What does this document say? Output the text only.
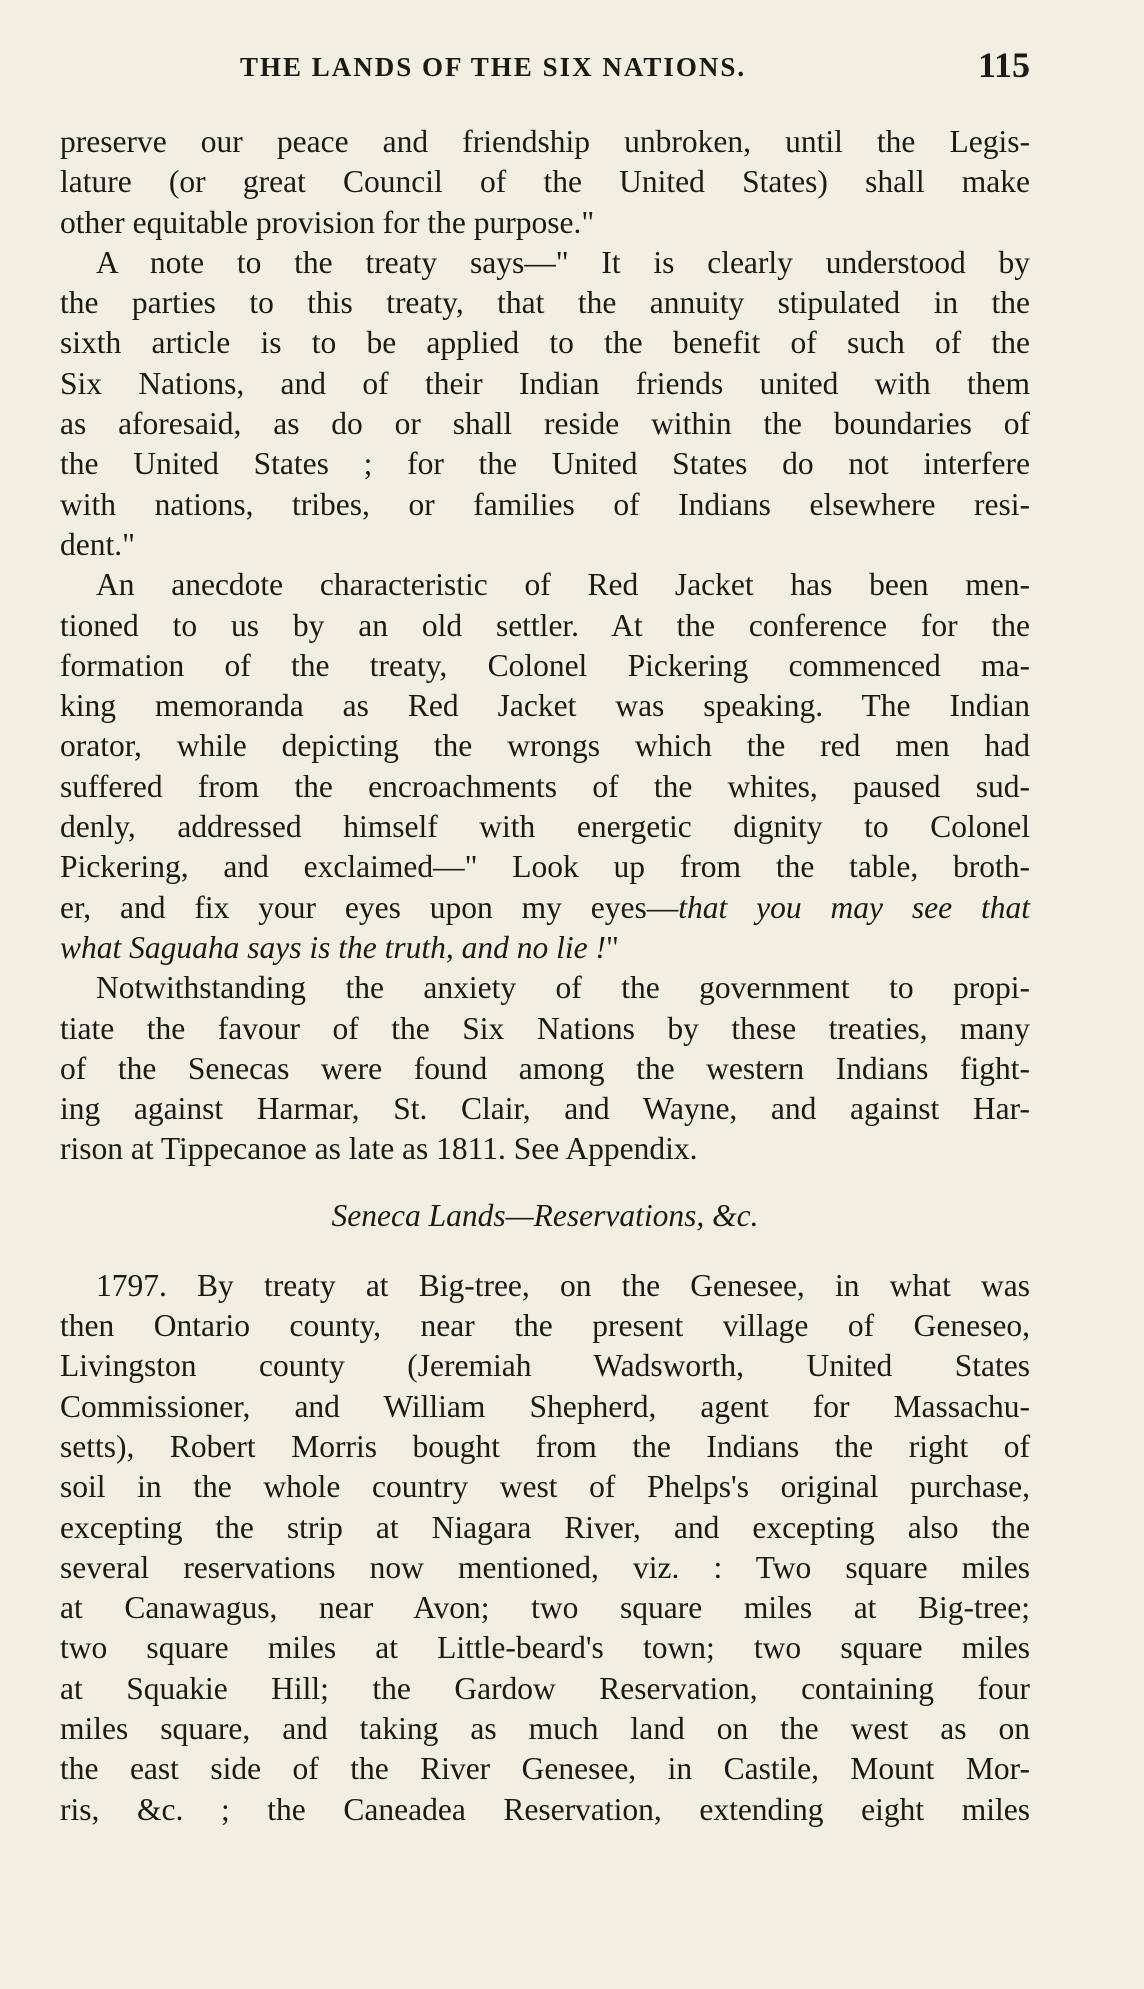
THE LANDS OF THE SIX NATIONS.	115
preserve our peace and friendship unbroken, until the Legis-
lature (or great Council of the United States) shall make
other equitable provision for the purpose."
A note to the treaty says—" It is clearly understood by
the parties to this treaty, that the annuity stipulated in the
sixth article is to be applied to the benefit of such of the
Six Nations, and of their Indian friends united with them
as aforesaid, as do or shall reside within the boundaries of
the United States ; for the United States do not interfere
with nations, tribes, or families of Indians elsewhere resi-
dent."
An anecdote characteristic of Red Jacket has been men-
tioned to us by an old settler. At the conference for the
formation of the treaty, Colonel Pickering commenced ma-
king memoranda as Red Jacket was speaking. The Indian
orator, while depicting the wrongs which the red men had
suffered from the encroachments of the whites, paused sud-
denly, addressed himself with energetic dignity to Colonel
Pickering, and exclaimed—" Look up from the table, broth-
er, and fix your eyes upon my eyes—that you may see that
what Saguaha says is the truth, and no lie !"
Notwithstanding the anxiety of the government to propi-
tiate the favour of the Six Nations by these treaties, many
of the Senecas were found among the western Indians fight-
ing against Harmar, St. Clair, and Wayne, and against Har-
rison at Tippecanoe as late as 1811. See Appendix.
Seneca Lands—Reservations, &c.
1797. By treaty at Big-tree, on the Genesee, in what was
then Ontario county, near the present village of Geneseo,
Livingston county (Jeremiah Wadsworth, United States
Commissioner, and William Shepherd, agent for Massachu-
setts), Robert Morris bought from the Indians the right of
soil in the whole country west of Phelps's original purchase,
excepting the strip at Niagara River, and excepting also the
several reservations now mentioned, viz. : Two square miles
at Canawagus, near Avon; two square miles at Big-tree;
two square miles at Little-beard's town; two square miles
at Squakie Hill; the Gardow Reservation, containing four
miles square, and taking as much land on the west as on
the east side of the River Genesee, in Castile, Mount Mor-
ris, &c. ; the Caneadea Reservation, extending eight miles
